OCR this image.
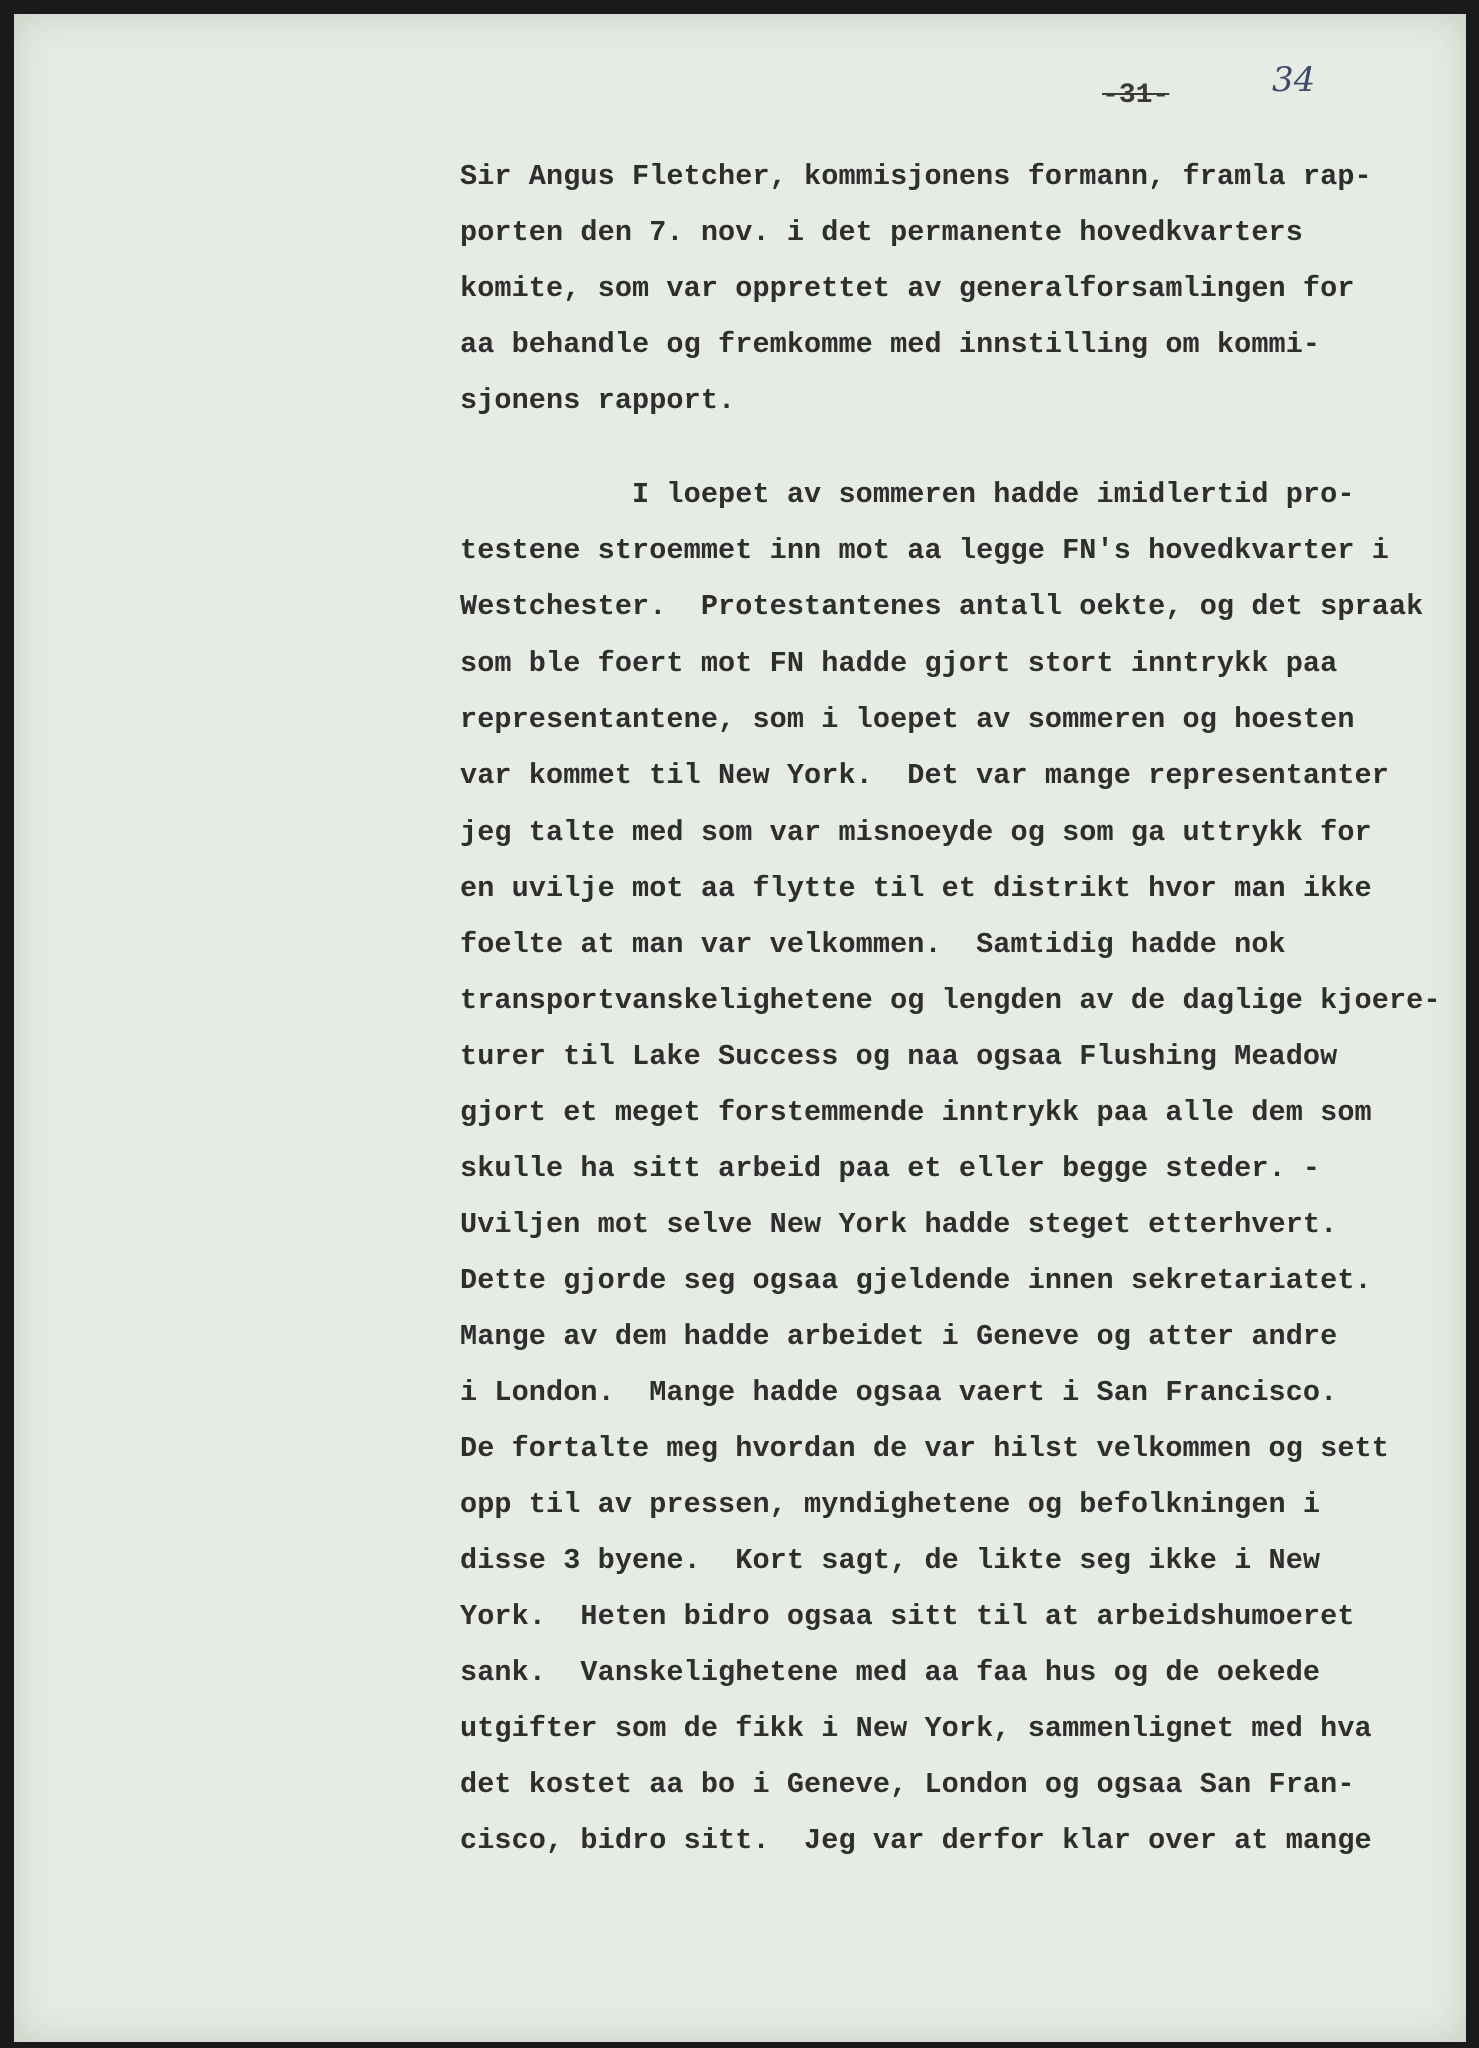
- 31 -	34
Sir Angus Fletcher, kommisjonens formann, framla rap-
porten den 7. nov. i det permanente hovedkvarters
komite, som var opprettet av generalforsamlingen for
aa behandle og fremkomme med innstilling om kommi-
sjonens rapport.
I loepet av sommeren hadde imidlertid pro-
testene stroemmet inn mot aa legge FN's hovedkvarter i
Westchester.  Protestantenes antall oekte, og det spraak
som ble foert mot FN hadde gjort stort inntrykk paa
representantene, som i loepet av sommeren og hoesten
var kommet til New York.  Det var mange representanter
jeg talte med som var misnoeyde og som ga uttrykk for
en uvilje mot aa flytte til et distrikt hvor man ikke
foelte at man var velkommen.  Samtidig hadde nok
transportvanskelighetene og lengden av de daglige kjoere-
turer til Lake Success og naa ogsaa Flushing Meadow
gjort et meget forstemmende inntrykk paa alle dem som
skulle ha sitt arbeid paa et eller begge steder. -
Uviljen mot selve New York hadde steget etterhvert.
Dette gjorde seg ogsaa gjeldende innen sekretariatet.
Mange av dem hadde arbeidet i Geneve og atter andre
i London.  Mange hadde ogsaa vaert i San Francisco.
De fortalte meg hvordan de var hilst velkommen og sett
opp til av pressen, myndighetene og befolkningen i
disse 3 byene.  Kort sagt, de likte seg ikke i New
York.  Heten bidro ogsaa sitt til at arbeidshumoeret
sank.  Vanskelighetene med aa faa hus og de oekede
utgifter som de fikk i New York, sammenlignet med hva
det kostet aa bo i Geneve, London og ogsaa San Fran-
cisco, bidro sitt.  Jeg var derfor klar over at mange
